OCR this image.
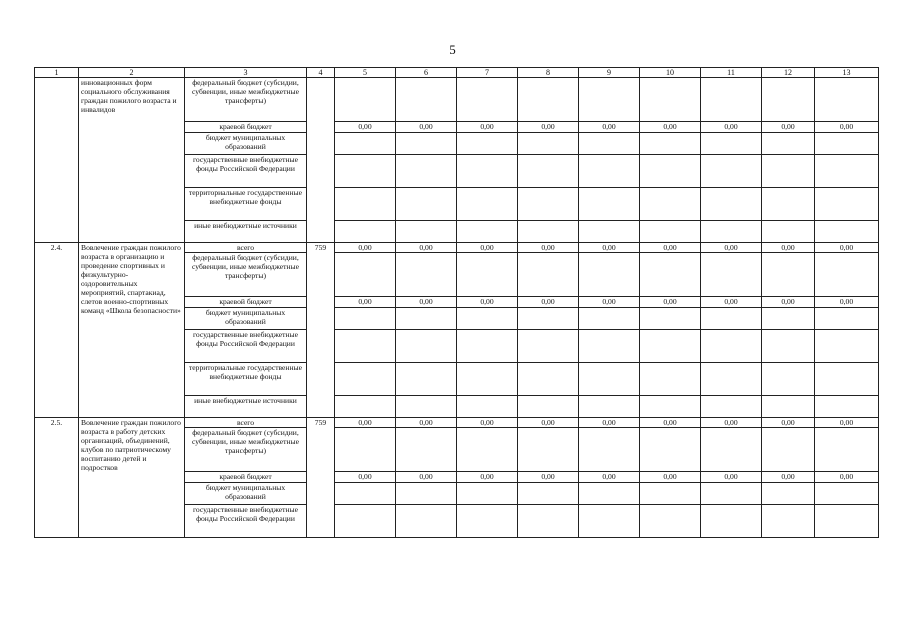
5
1	2	3	4	5	6	7	8	9	10	11	12	13
	инновационных форм социального обслуживания граждан пожилого возраста и инвалидов	федеральный бюджет (субсидии, субвенции, иные межбюджетные трансферты)										
		краевой бюджет		0,00	0,00	0,00	0,00	0,00	0,00	0,00	0,00	0,00
		бюджет муниципальных образований										
		государственные внебюджетные фонды Российской Федерации										
		территориальные государственные внебюджетные фонды										
		иные внебюджетные источники										
2.4.	Вовлечение граждан пожилого возраста в организацию и проведение спортивных и физкультурно-оздоровительных мероприятий, спартакиад, слетов военно-спортивных команд «Школа безопасности»	всего	759	0,00	0,00	0,00	0,00	0,00	0,00	0,00	0,00	0,00
		федеральный бюджет (субсидии, субвенции, иные межбюджетные трансферты)										
		краевой бюджет		0,00	0,00	0,00	0,00	0,00	0,00	0,00	0,00	0,00
		бюджет муниципальных образований										
		государственные внебюджетные фонды Российской Федерации										
		территориальные государственные внебюджетные фонды										
		иные внебюджетные источники										
2.5.	Вовлечение граждан пожилого возраста в работу детских организаций, объединений, клубов по патриотическому воспитанию детей и подростков	всего	759	0,00	0,00	0,00	0,00	0,00	0,00	0,00	0,00	0,00
		федеральный бюджет (субсидии, субвенции, иные межбюджетные трансферты)										
		краевой бюджет		0,00	0,00	0,00	0,00	0,00	0,00	0,00	0,00	0,00
		бюджет муниципальных образований										
		государственные внебюджетные фонды Российской Федерации										
